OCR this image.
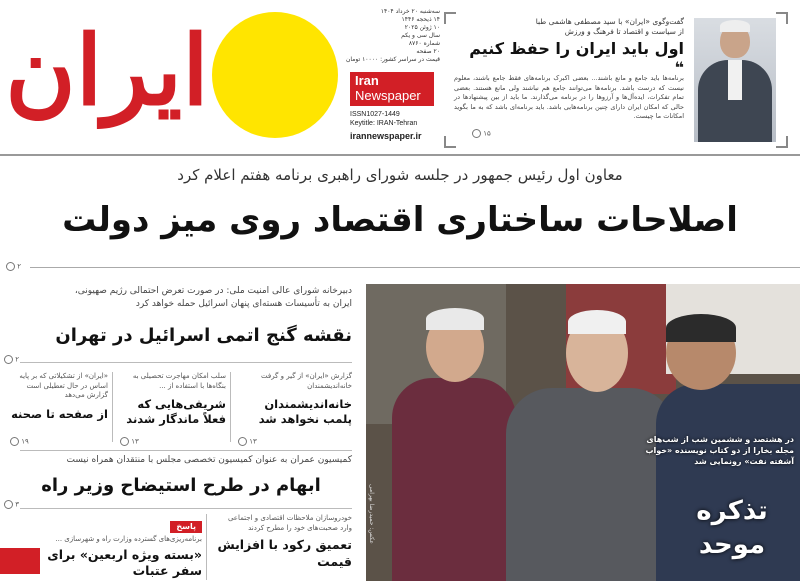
ایران
سه‌شنبه ۲۰ خرداد ۱۴۰۴
۱۴ ذیحجه ۱۴۴۶
۱۰ ژوئن ۲۰۲۵
سال سی و یکم
شماره ۸۷۶۰
۲۰ صفحه
قیمت در سراسر کشور: ۱۰۰۰۰ تومان
Iran
Newspaper
ISSN1027-1449
Keytitle: IRAN-Tehran
irannewspaper.ir
گفت‌وگوی «ایران» با سید مصطفی هاشمی طبا
از سیاست و اقتصاد تا فرهنگ و ورزش
اول باید ایران را حفظ کنیم
❝
برنامه‌ها باید جامع و مانع باشند... بعضی اکبرک برنامه‌های فقط جامع باشند، معلوم نیست که درست باشد. برنامه‌ها می‌توانند جامع هم نباشند ولی مانع هستند. بعضی تمام تفکرات، ایده‌آل‌ها و آرزوها را در برنامه می‌گذارند. ما باید از بین پیشنهادها در حالی که امکان ایران دارای چنین برنامه‌هایی باشد. باید برنامه‌ای باشد که به ما بگوید امکانات ما چیست.
۱۵
معاون اول رئیس جمهور در جلسه شورای راهبری برنامه هفتم اعلام کرد
اصلاحات ساختاری اقتصاد روی میز دولت
۲
دبیرخانه شورای عالی امنیت ملی: در صورت تعرض احتمالی رژیم صهیونی،
ایران به تأسیسات هسته‌ای پنهان اسرائیل حمله خواهد کرد
نقشه گنج اتمی اسرائیل در تهران
۲
گزارش «ایران» از گیر و گرفت خانه‌اندیشمندان
خانه‌اندیشمندان پلمب نخواهد شد
سلب امکان مهاجرت تحصیلی به بنگاه‌ها با استفاده از ...
شریفی‌هایی که فعلاً ماندگار شدند
«ایران» از تشکیلاتی که بر پایه اساس در حال تعطیلی است گزارش می‌دهد
از صفحه تا صحنه
۱۳
۱۳
۱۹
کمیسیون عمران به عنوان کمیسیون تخصصی مجلس با منتقدان همراه نیست
ابهام در طرح استیضاح وزیر راه
۳
خودروسازان ملاحظات اقتصادی و اجتماعی وارد صحبت‌های خود را مطرح کردند
تعمیق رکود با افزایش قیمت
پاسخ
برنامه‌ریزی‌های گسترده وزارت راه و شهرسازی ...
«بسته ویژه اربعین» برای سفر عتبات
در هشتصد و ششمین شب از شب‌های مجله بخارا از دو کتاب نویسنده «خواب آشفته نفت» رونمایی شد
تذکره موحد
عکس: حمیدرضا بهرامی
